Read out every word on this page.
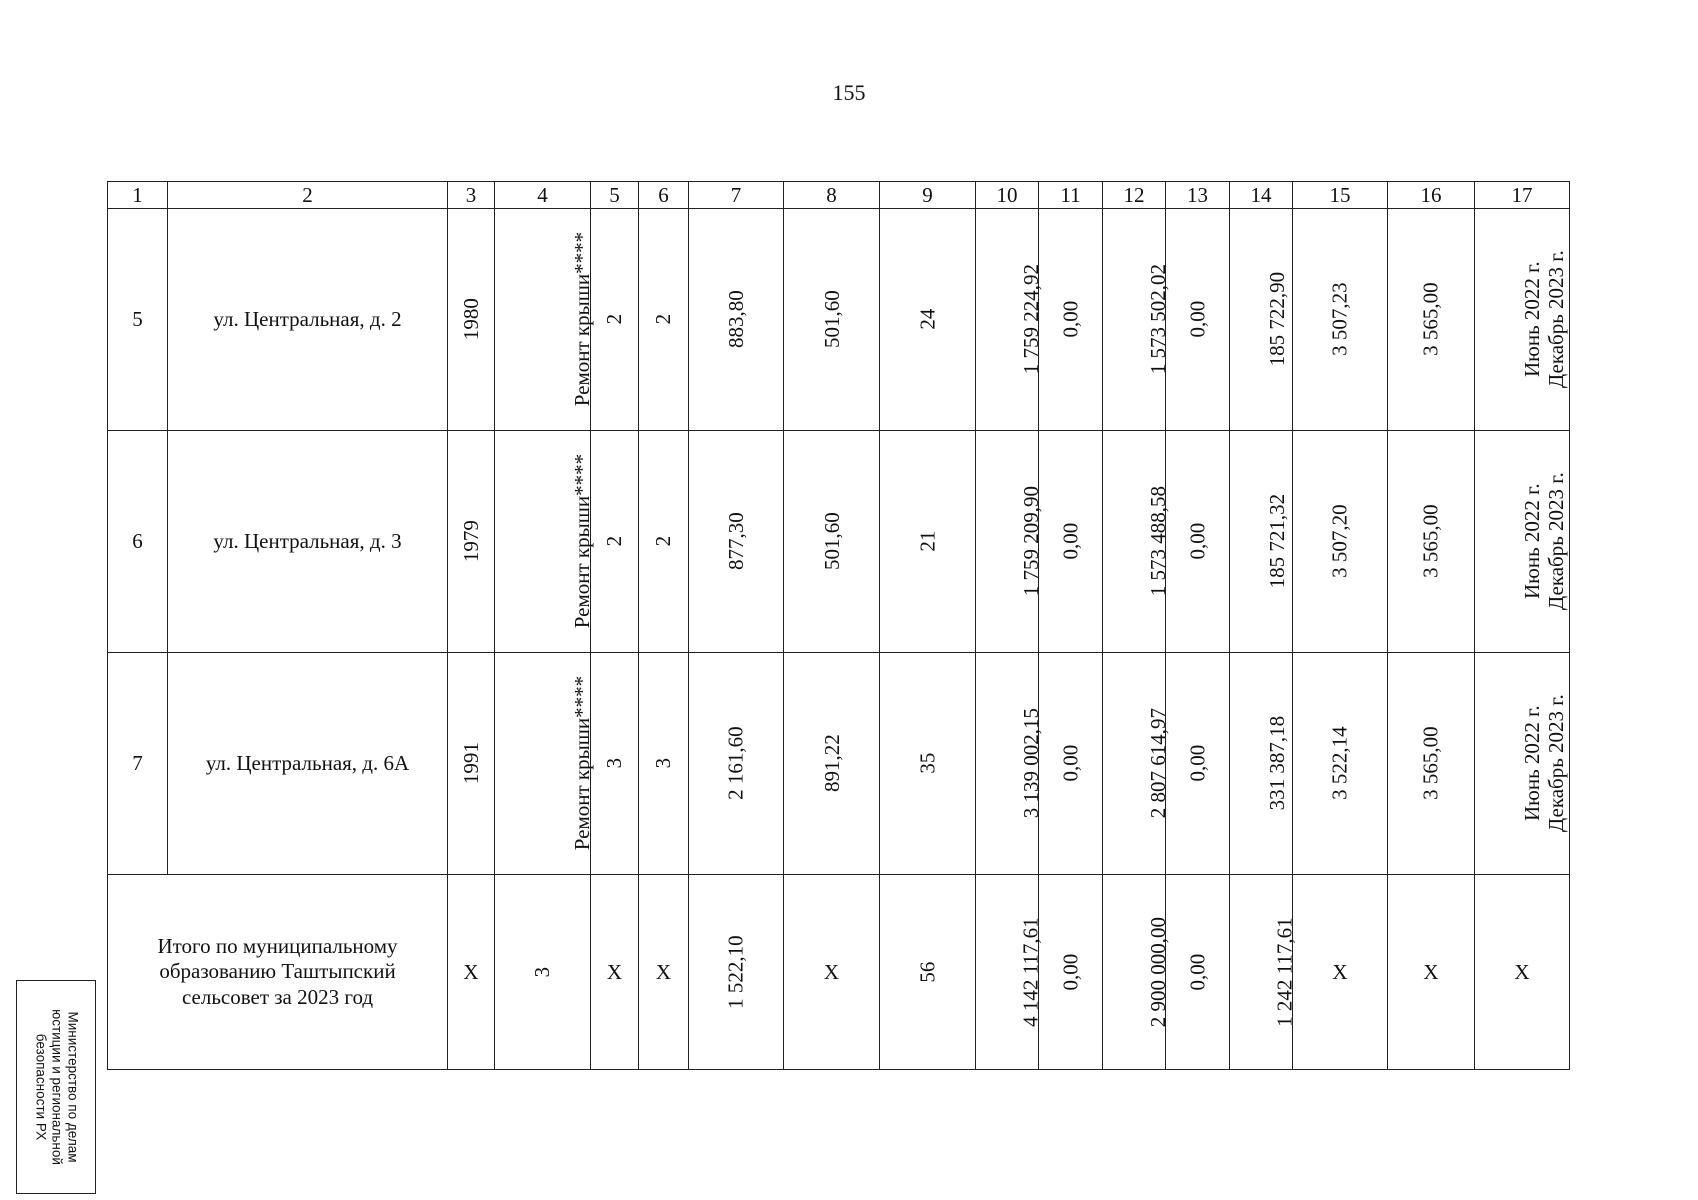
155
1	2	3	4	5	6	7	8	9	10	11	12	13	14	15	16	17
5	ул. Центральная, д. 2	1980	Ремонт крыши****	2	2	883,80	501,60	24	1 759 224,92	0,00	1 573 502,02	0,00	185 722,90	3 507,23	3 565,00	Июнь 2022 г.
Декабрь 2023 г.
6	ул. Центральная, д. 3	1979	Ремонт крыши****	2	2	877,30	501,60	21	1 759 209,90	0,00	1 573 488,58	0,00	185 721,32	3 507,20	3 565,00	Июнь 2022 г.
Декабрь 2023 г.
7	ул. Центральная, д. 6А	1991	Ремонт крыши****	3	3	2 161,60	891,22	35	3 139 002,15	0,00	2 807 614,97	0,00	331 387,18	3 522,14	3 565,00	Июнь 2022 г.
Декабрь 2023 г.

Итого по муниципальному образованию Таштыпский сельсовет за 2023 год		Х	3	Х	Х	1 522,10	Х	56	4 142 117,61	0,00	2 900 000,00	0,00	1 242 117,61	Х	Х	Х
Министерство по делам
юстиции и региональной
безопасности РХ
